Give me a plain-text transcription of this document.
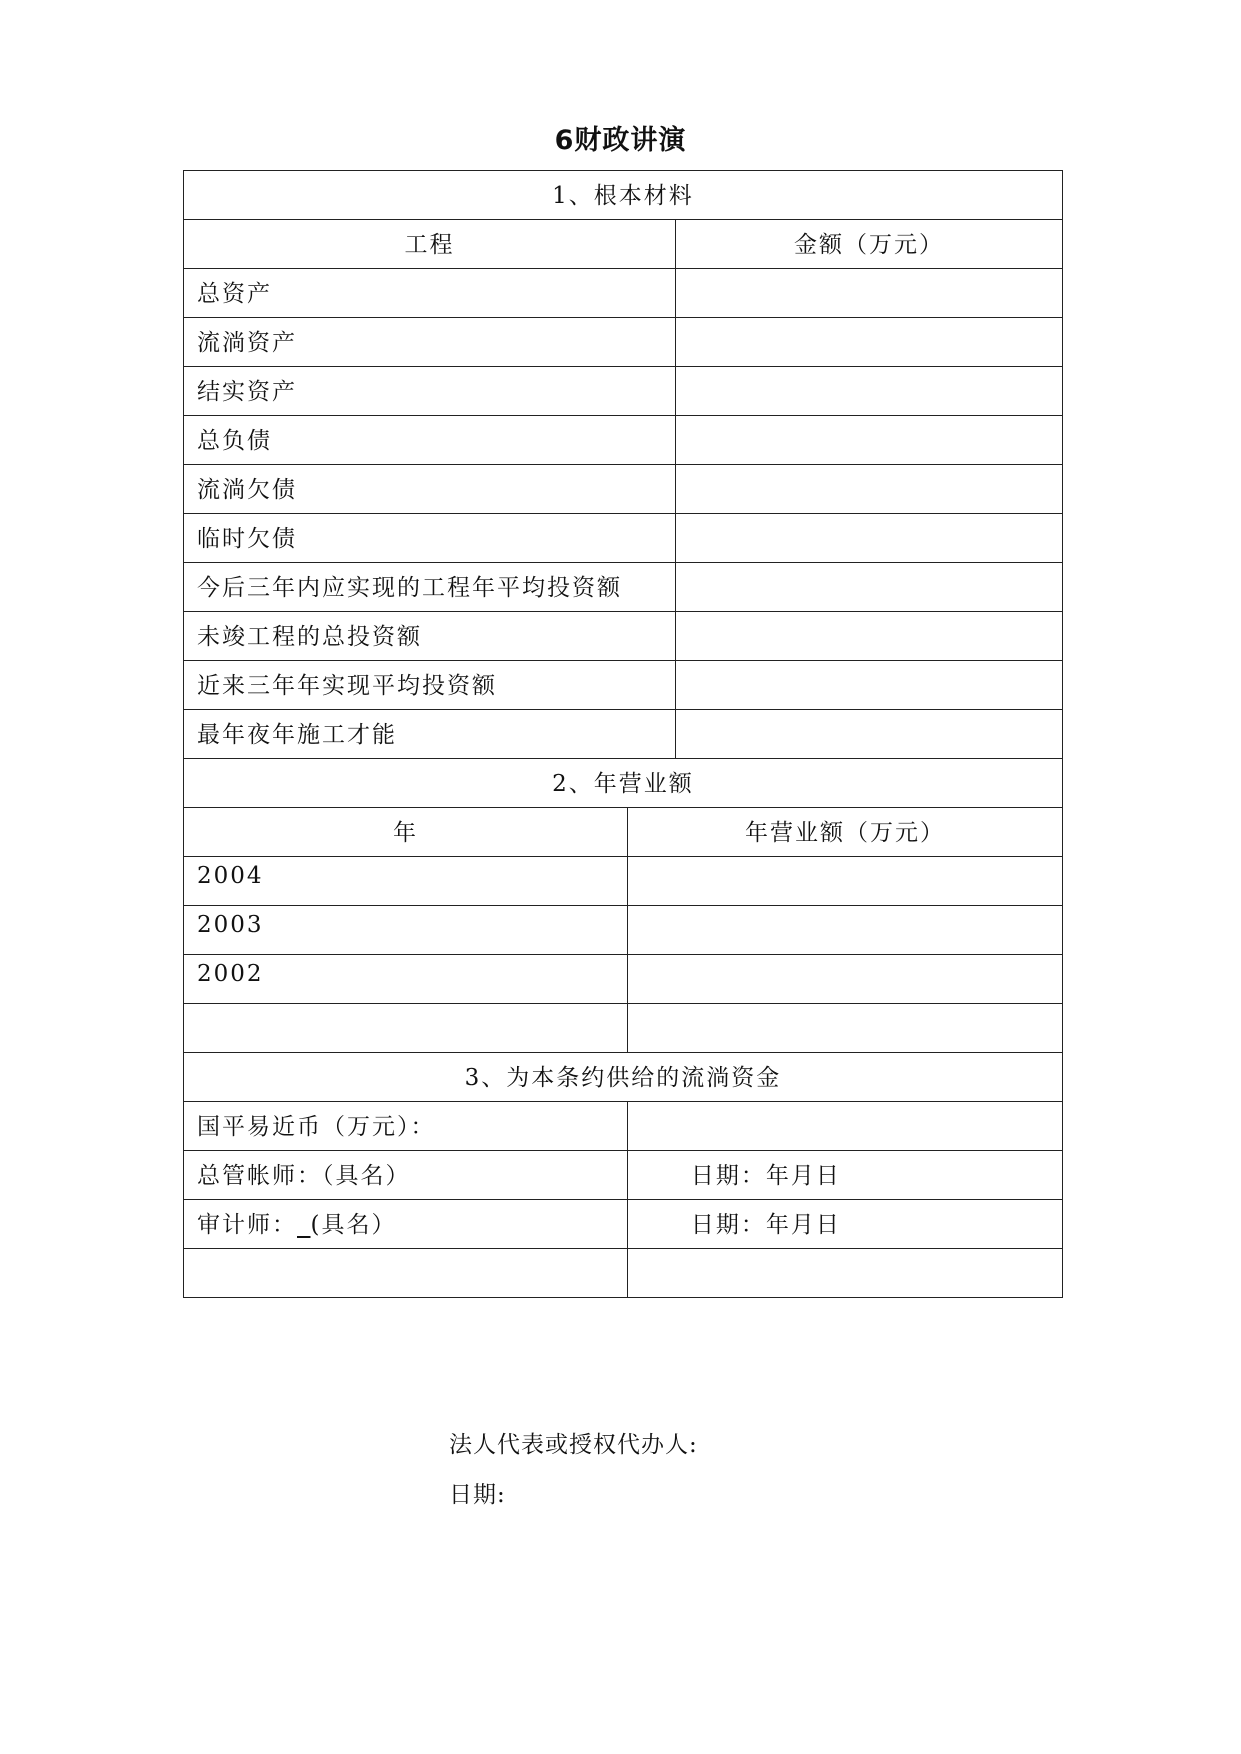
6财政讲演
1、根本材料
工程	金额（万元）
总资产
流淌资产
结实资产
总负债
流淌欠债
临时欠债
今后三年内应实现的工程年平均投资额
未竣工程的总投资额
近来三年年实现平均投资额
最年夜年施工才能
2、年营业额
年	年营业额（万元）
2004
2003
2002
3、为本条约供给的流淌资金
国平易近币（万元）：
总管帐师：（具名）	日期：年月日
审计师：_(具名）	日期：年月日
法人代表或授权代办人:
日期:
